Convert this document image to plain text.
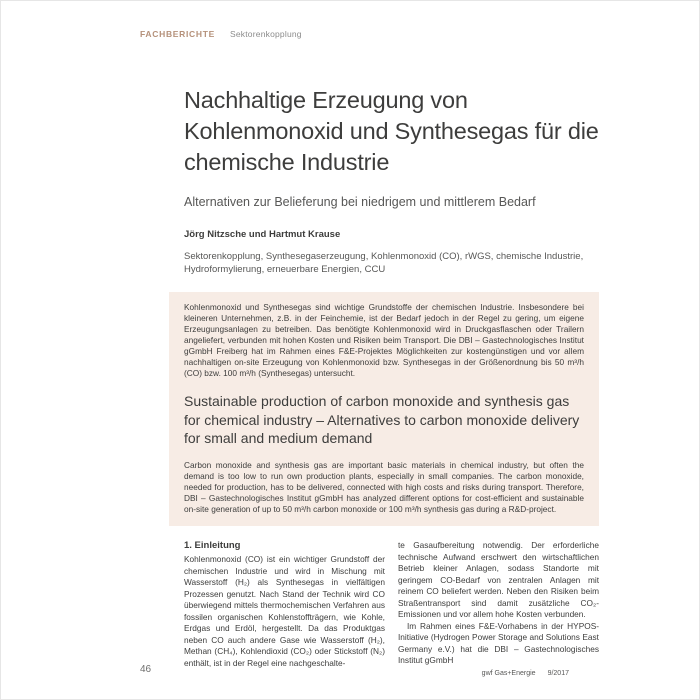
FACHBERICHTE Sektorenkopplung
Nachhaltige Erzeugung von Kohlenmonoxid und Synthesegas für die chemische Industrie
Alternativen zur Belieferung bei niedrigem und mittlerem Bedarf
Jörg Nitzsche und Hartmut Krause
Sektorenkopplung, Synthesegaserzeugung, Kohlenmonoxid (CO), rWGS, chemische Industrie, Hydroformylierung, erneuerbare Energien, CCU

Kohlenmonoxid und Synthesegas sind wichtige Grundstoffe der chemischen Industrie. Insbesondere bei kleineren Unternehmen, z.B. in der Feinchemie, ist der Bedarf jedoch in der Regel zu gering, um eigene Erzeugungsanlagen zu betreiben. Das benötigte Kohlenmonoxid wird in Druckgasflaschen oder Trailern angeliefert, verbunden mit hohen Kosten und Risiken beim Transport. Die DBI – Gastechnologisches Institut gGmbH Freiberg hat im Rahmen eines F&E-Projektes Möglichkeiten zur kostengünstigen und vor allem nachhaltigen on-site Erzeugung von Kohlenmonoxid bzw. Synthesegas in der Größenordnung bis 50 m³/h (CO) bzw. 100 m³/h (Synthesegas) untersucht.

Sustainable production of carbon monoxide and synthesis gas for chemical industry – Alternatives to carbon monoxide delivery for small and medium demand

Carbon monoxide and synthesis gas are important basic materials in chemical industry, but often the demand is too low to run own production plants, especially in small companies. The carbon monoxide, needed for production, has to be delivered, connected with high costs and risks during transport. Therefore, DBI – Gastechnologisches Institut gGmbH has analyzed different options for cost-efficient and sustainable on-site generation of up to 50 m³/h carbon monoxide or 100 m³/h synthesis gas during a R&D-project.

1. Einleitung

Kohlenmonoxid (CO) ist ein wichtiger Grundstoff der chemischen Industrie und wird in Mischung mit Wasserstoff (H₂) als Synthesegas in vielfältigen Prozessen genutzt. Nach Stand der Technik wird CO überwiegend mittels thermochemischen Verfahren aus fossilen organischen Kohlenstoffträgern, wie Kohle, Erdgas und Erdöl, hergestellt. Da das Produktgas neben CO auch andere Gase wie Wasserstoff (H₂), Methan (CH₄), Kohlendioxid (CO₂) oder Stickstoff (N₂) enthält, ist in der Regel eine nachgeschalte-

te Gasaufbereitung notwendig. Der erforderliche technische Aufwand erschwert den wirtschaftlichen Betrieb kleiner Anlagen, sodass Standorte mit geringem CO-Bedarf von zentralen Anlagen mit reinem CO beliefert werden. Neben den Risiken beim Straßentransport sind damit zusätzliche CO₂-Emissionen und vor allem hohe Kosten verbunden.

Im Rahmen eines F&E-Vorhabens in der HYPOS-Initiative (Hydrogen Power Storage and Solutions East Germany e.V.) hat die DBI – Gastechnologisches Institut gGmbH

46	gwf Gas+Energie 9/2017
